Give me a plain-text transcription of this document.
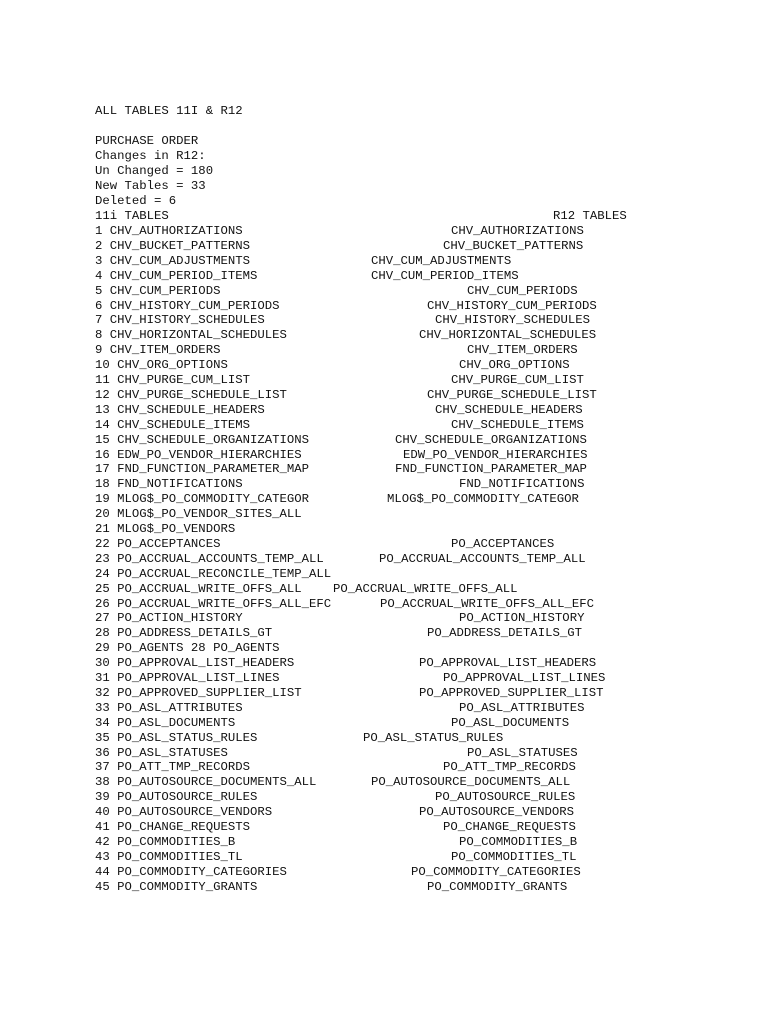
ALL TABLES 11I & R12
PURCHASE ORDER
Changes in R12:
Un Changed = 180
New Tables = 33
Deleted = 6
11i TABLES	R12 TABLES
1 CHV_AUTHORIZATIONS	CHV_AUTHORIZATIONS
2 CHV_BUCKET_PATTERNS	CHV_BUCKET_PATTERNS
3 CHV_CUM_ADJUSTMENTS	CHV_CUM_ADJUSTMENTS
4 CHV_CUM_PERIOD_ITEMS	CHV_CUM_PERIOD_ITEMS
5 CHV_CUM_PERIODS	CHV_CUM_PERIODS
6 CHV_HISTORY_CUM_PERIODS	CHV_HISTORY_CUM_PERIODS
7 CHV_HISTORY_SCHEDULES	CHV_HISTORY_SCHEDULES
8 CHV_HORIZONTAL_SCHEDULES	CHV_HORIZONTAL_SCHEDULES
9 CHV_ITEM_ORDERS	CHV_ITEM_ORDERS
10 CHV_ORG_OPTIONS	CHV_ORG_OPTIONS
11 CHV_PURGE_CUM_LIST	CHV_PURGE_CUM_LIST
12 CHV_PURGE_SCHEDULE_LIST	CHV_PURGE_SCHEDULE_LIST
13 CHV_SCHEDULE_HEADERS	CHV_SCHEDULE_HEADERS
14 CHV_SCHEDULE_ITEMS	CHV_SCHEDULE_ITEMS
15 CHV_SCHEDULE_ORGANIZATIONS	CHV_SCHEDULE_ORGANIZATIONS
16 EDW_PO_VENDOR_HIERARCHIES	EDW_PO_VENDOR_HIERARCHIES
17 FND_FUNCTION_PARAMETER_MAP	FND_FUNCTION_PARAMETER_MAP
18 FND_NOTIFICATIONS	FND_NOTIFICATIONS
19 MLOG$_PO_COMMODITY_CATEGOR	MLOG$_PO_COMMODITY_CATEGOR
20 MLOG$_PO_VENDOR_SITES_ALL
21 MLOG$_PO_VENDORS
22 PO_ACCEPTANCES	PO_ACCEPTANCES
23 PO_ACCRUAL_ACCOUNTS_TEMP_ALL	PO_ACCRUAL_ACCOUNTS_TEMP_ALL
24 PO_ACCRUAL_RECONCILE_TEMP_ALL
25 PO_ACCRUAL_WRITE_OFFS_ALL	PO_ACCRUAL_WRITE_OFFS_ALL
26 PO_ACCRUAL_WRITE_OFFS_ALL_EFC	PO_ACCRUAL_WRITE_OFFS_ALL_EFC
27 PO_ACTION_HISTORY	PO_ACTION_HISTORY
28 PO_ADDRESS_DETAILS_GT	PO_ADDRESS_DETAILS_GT
29 PO_AGENTS 28 PO_AGENTS
30 PO_APPROVAL_LIST_HEADERS	PO_APPROVAL_LIST_HEADERS
31 PO_APPROVAL_LIST_LINES	PO_APPROVAL_LIST_LINES
32 PO_APPROVED_SUPPLIER_LIST	PO_APPROVED_SUPPLIER_LIST
33 PO_ASL_ATTRIBUTES	PO_ASL_ATTRIBUTES
34 PO_ASL_DOCUMENTS	PO_ASL_DOCUMENTS
35 PO_ASL_STATUS_RULES	PO_ASL_STATUS_RULES
36 PO_ASL_STATUSES	PO_ASL_STATUSES
37 PO_ATT_TMP_RECORDS	PO_ATT_TMP_RECORDS
38 PO_AUTOSOURCE_DOCUMENTS_ALL	PO_AUTOSOURCE_DOCUMENTS_ALL
39 PO_AUTOSOURCE_RULES	PO_AUTOSOURCE_RULES
40 PO_AUTOSOURCE_VENDORS	PO_AUTOSOURCE_VENDORS
41 PO_CHANGE_REQUESTS	PO_CHANGE_REQUESTS
42 PO_COMMODITIES_B	PO_COMMODITIES_B
43 PO_COMMODITIES_TL	PO_COMMODITIES_TL
44 PO_COMMODITY_CATEGORIES	PO_COMMODITY_CATEGORIES
45 PO_COMMODITY_GRANTS	PO_COMMODITY_GRANTS
